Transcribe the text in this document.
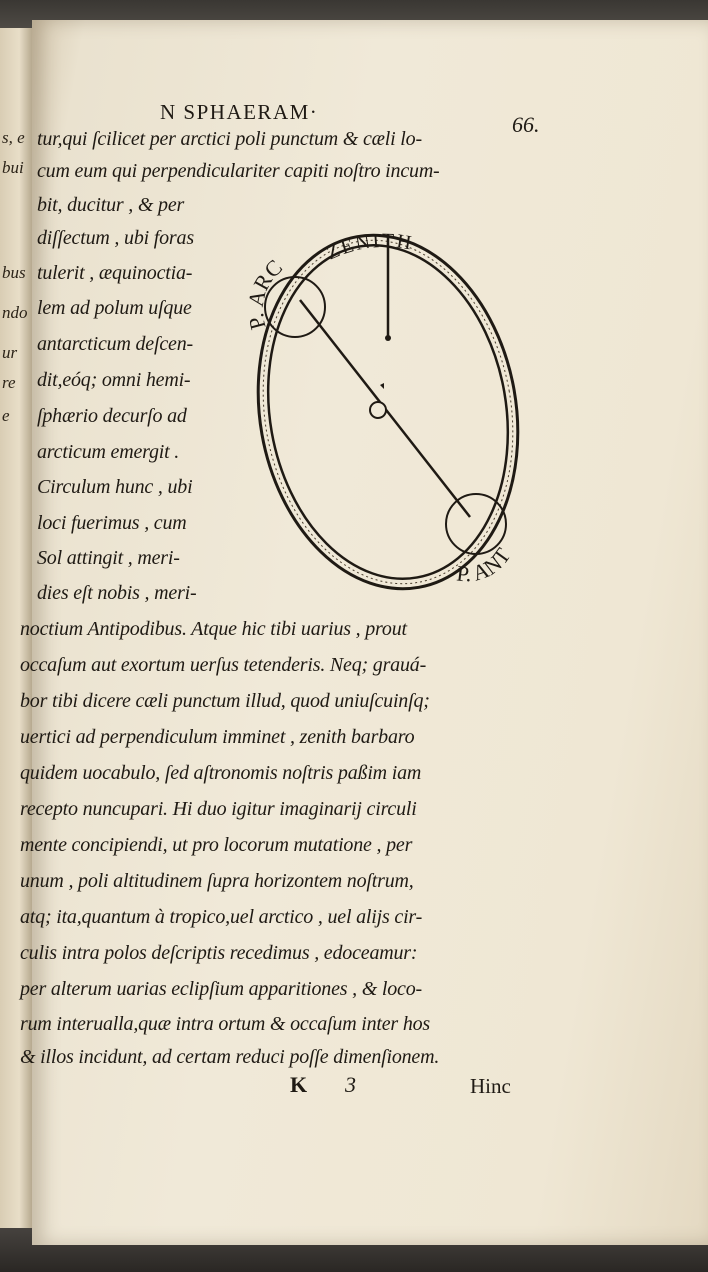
s, e
bui
bus
ndo
ur
re
e
N SPHAERAM·	66.
tur,qui ſcilicet per arctici poli punctum & cæli lo-
cum eum qui perpendiculariter capiti noſtro incum-
bit, ducitur , & per
diſſectum , ubi foras
tulerit , æquinoctia-
lem ad polum uſque
antarcticum deſcen-
dit,eóq; omni hemi-
ſphærio decurſo ad
arcticum emergit .
Circulum hunc , ubi
loci fuerimus , cum
Sol attingit , meri-
dies eſt nobis , meri-
P. ARC
ZENITH
P. ANT
noctium Antipodibus. Atque hic tibi uarius , prout
occaſum aut exortum uerſus tetenderis. Neq; grauá-
bor tibi dicere cæli punctum illud, quod uniuſcuinſq;
uertici ad perpendiculum imminet , zenith barbaro
quidem uocabulo, ſed aſtronomis noſtris paßim iam
recepto nuncupari. Hi duo igitur imaginarij circuli
mente concipiendi, ut pro locorum mutatione , per
unum , poli altitudinem ſupra horizontem noſtrum,
atq; ita,quantum à tropico,uel arctico , uel alijs cir-
culis intra polos deſcriptis recedimus , edoceamur:
per alterum uarias eclipſium apparitiones , & loco-
rum interualla,quæ intra ortum & occaſum inter hos
& illos incidunt, ad certam reduci poſſe dimenſionem.
K 3	Hinc
